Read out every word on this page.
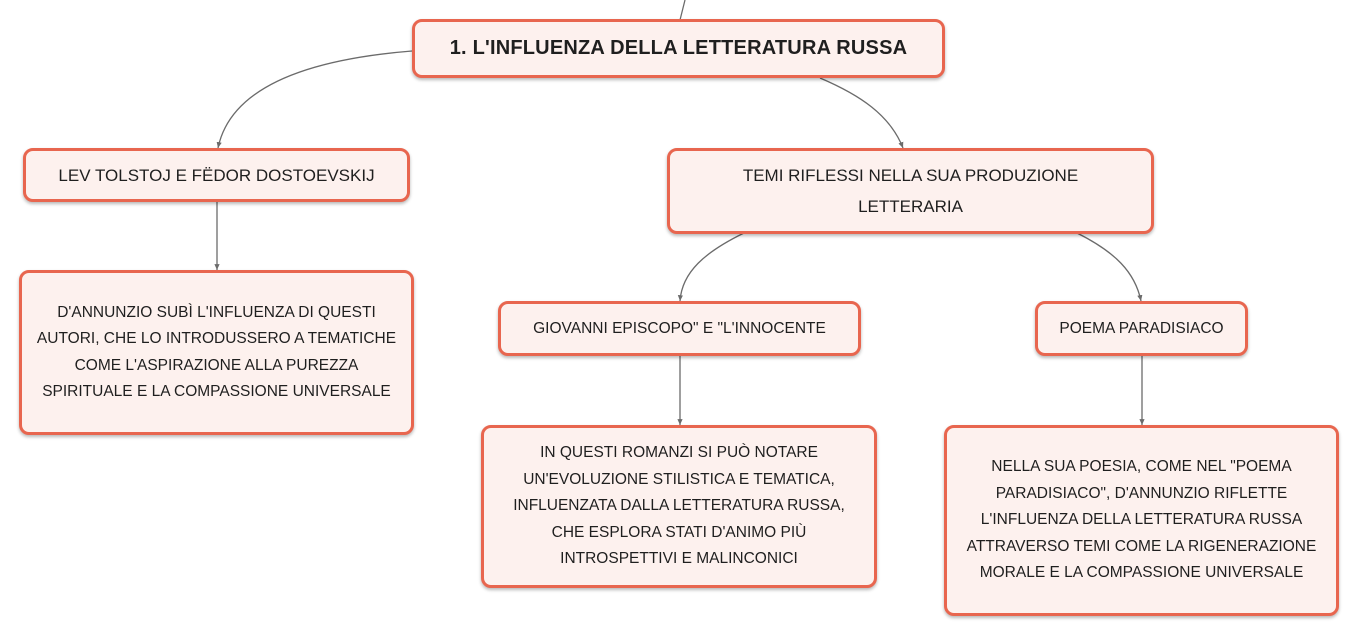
1. L'INFLUENZA DELLA LETTERATURA RUSSA
LEV TOLSTOJ E FËDOR DOSTOEVSKIJ	TEMI RIFLESSI NELLA SUA PRODUZIONE LETTERARIA
D'ANNUNZIO SUBÌ L'INFLUENZA DI QUESTI AUTORI, CHE LO INTRODUSSERO A TEMATICHE COME L'ASPIRAZIONE ALLA PUREZZA SPIRITUALE E LA COMPASSIONE UNIVERSALE
GIOVANNI EPISCOPO" E "L'INNOCENTE	POEMA PARADISIACO
IN QUESTI ROMANZI SI PUÒ NOTARE UN'EVOLUZIONE STILISTICA E TEMATICA, INFLUENZATA DALLA LETTERATURA RUSSA, CHE ESPLORA STATI D'ANIMO PIÙ INTROSPETTIVI E MALINCONICI
NELLA SUA POESIA, COME NEL "POEMA PARADISIACO", D'ANNUNZIO RIFLETTE L'INFLUENZA DELLA LETTERATURA RUSSA ATTRAVERSO TEMI COME LA RIGENERAZIONE MORALE E LA COMPASSIONE UNIVERSALE
